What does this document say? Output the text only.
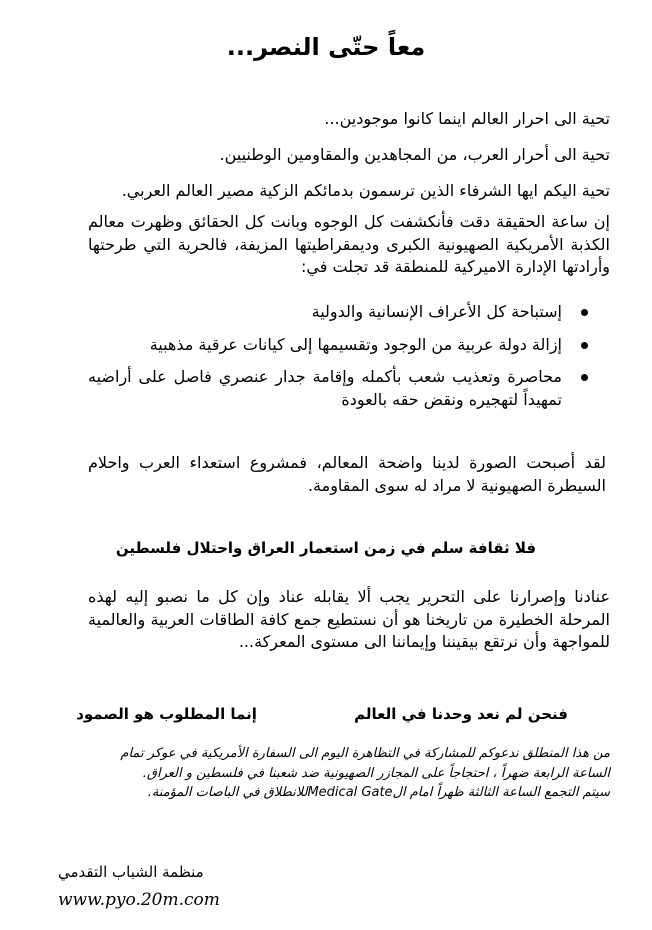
معاً حتّى النصر...
تحية الى احرار العالم اينما كانوا موجودين...
تحية الى أحرار العرب، من المجاهدين والمقاومين الوطنيين.
تحية اليكم ايها الشرفاء الذين ترسمون بدمائكم الزكية مصير العالم العربي.
إن ساعة الحقيقة دقت فأنكشفت كل الوجوه وبانت كل الحقائق وظهرت معالم الكذبة الأمريكية الصهيونية الكبرى وديمقراطيتها المزيفة، فالحرية التي طرحتها وأرادتها الإدارة الاميركية للمنطقة قد تجلت في:
إستباحة كل الأعراف الإنسانية والدولية
إزالة دولة عربية من الوجود وتقسيمها إلى كيانات عرقية مذهبية
محاصرة وتعذيب شعب بأكمله وإقامة جدار عنصري فاصل على أراضيه تمهيداً لتهجيره ونقض حقه بالعودة
لقد أصبحت الصورة لدينا واضحة المعالم، فمشروع استعداء العرب واحلام السيطرة الصهيونية لا مراد له سوى المقاومة.
فلا ثقافة سلم في زمن استعمار العراق واحتلال فلسطين
عنادنا وإصرارنا على التحرير يجب ألا يقابله عناد وإن كل ما نصبو إليه لهذه المرحلة الخطيرة من تاريخنا هو أن نستطيع جمع كافة الطاقات العربية والعالمية للمواجهة وأن نرتقع بيقيننا وإيماننا الى مستوى المعركة...
فنحن لم نعد وحدنا في العالم إنما المطلوب هو الصمود
من هذا المنطلق ندعوكم للمشاركة في التظاهرة اليوم الى السفارة الأمريكية في عوكر تمام
الساعة الرابعة ضهراً ، احتجاجاً على المجازر الصهيونية ضد شعبنا في فلسطين و العراق.
سيتم التجمع الساعة الثالثة ظهراً امام الMedical Gateللانطلاق في الباصات المؤمنة.
منظمة الشباب التقدمي
www.pyo.20m.com
